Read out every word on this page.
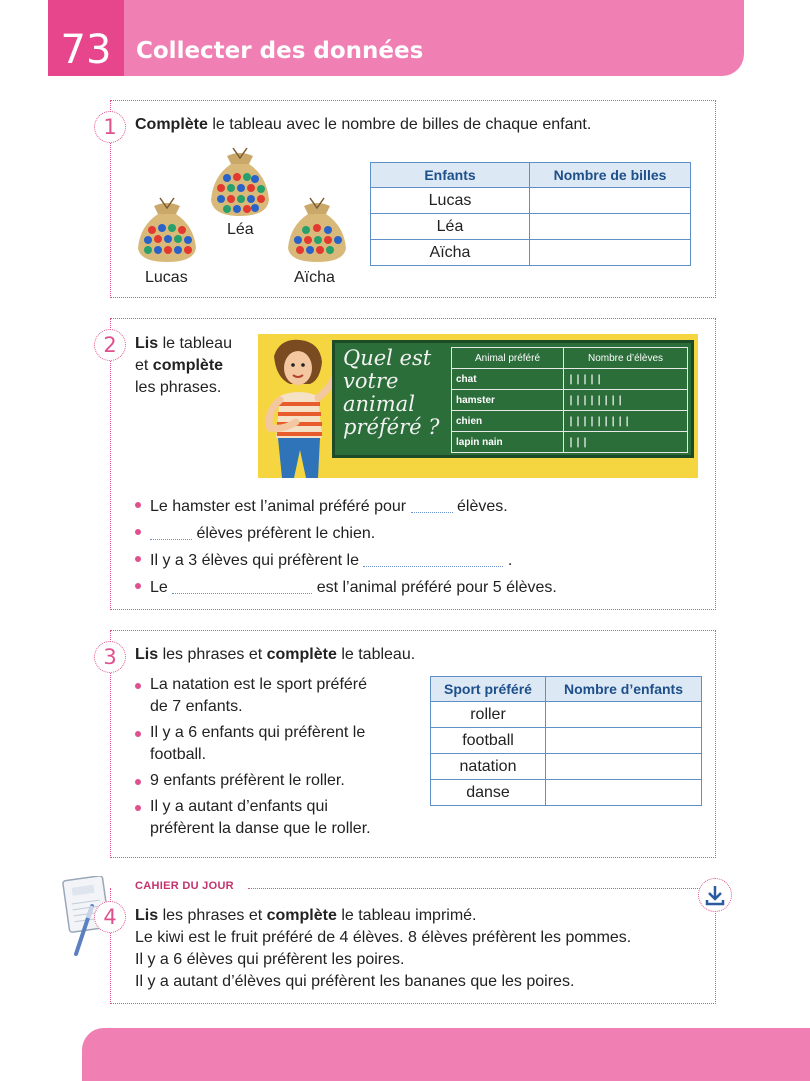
73	Collecter des données
1	Complète le tableau avec le nombre de billes de chaque enfant.
Lucas
Léa
Aïcha
Enfants	Nombre de billes
Lucas	
Léa	
Aïcha	
2	Lis le tableau
et complète
les phrases.
Quel est
votre
animal
préféré ?
Animal préféré	Nombre d’élèves
chat	|||||
hamster	||||||||
chien	|||||||||
lapin nain	|||
Le hamster est l’animal préféré pour	élèves.
élèves préfèrent le chien.
Il y a 3 élèves qui préfèrent le	.
Le	est l’animal préféré pour 5 élèves.
3	Lis les phrases et complète le tableau.
La natation est le sport préféré
de 7 enfants.
Il y a 6 enfants qui préfèrent le
football.
9 enfants préfèrent le roller.
Il y a autant d’enfants qui
préfèrent la danse que le roller.
Sport préféré	Nombre d’enfants
roller	
football	
natation	
danse	
CAHIER DU JOUR
4	Lis les phrases et complète le tableau imprimé.
Le kiwi est le fruit préféré de 4 élèves. 8 élèves préfèrent les pommes.
Il y a 6 élèves qui préfèrent les poires.
Il y a autant d’élèves qui préfèrent les bananes que les poires.
